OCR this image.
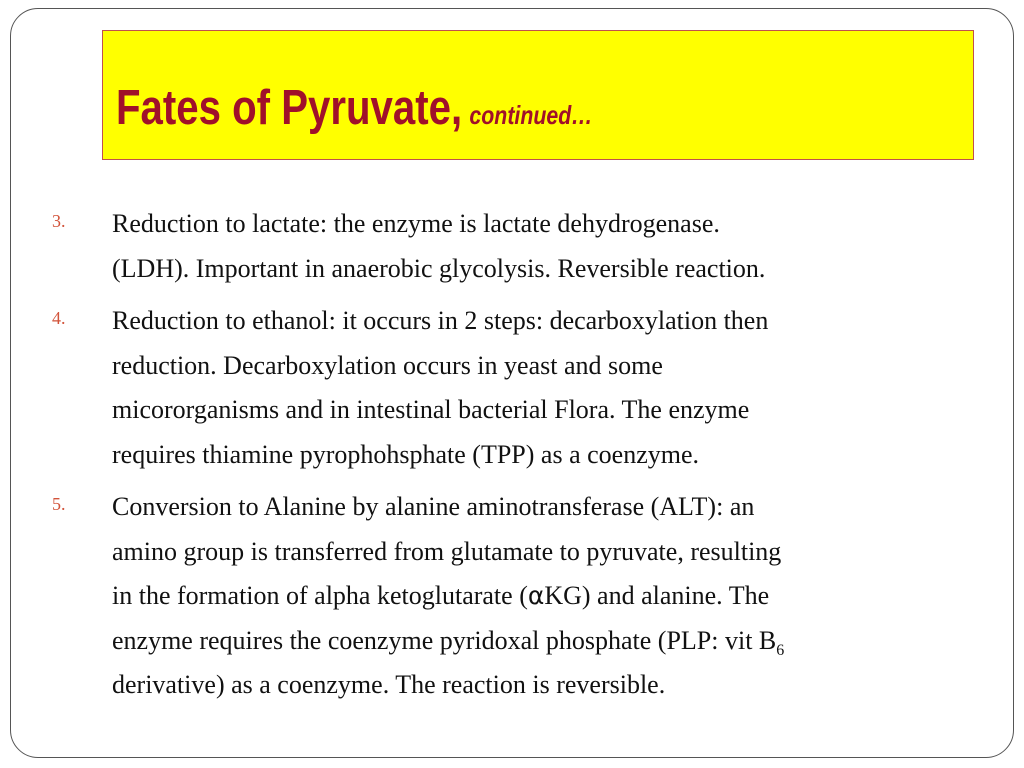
Fates of Pyruvate, continued…
3. Reduction to lactate: the enzyme is lactate dehydrogenase.
(LDH). Important in anaerobic glycolysis. Reversible reaction.

4. Reduction to ethanol: it occurs in 2 steps: decarboxylation then
reduction. Decarboxylation occurs in yeast and some
micororganisms and in intestinal bacterial Flora. The enzyme
requires thiamine pyrophohsphate (TPP) as a coenzyme.

5. Conversion to Alanine by alanine aminotransferase (ALT): an
amino group is transferred from glutamate to pyruvate, resulting
in the formation of alpha ketoglutarate (αKG) and alanine. The
enzyme requires the coenzyme pyridoxal phosphate (PLP: vit $B_6$
derivative) as a coenzyme. The reaction is reversible.
